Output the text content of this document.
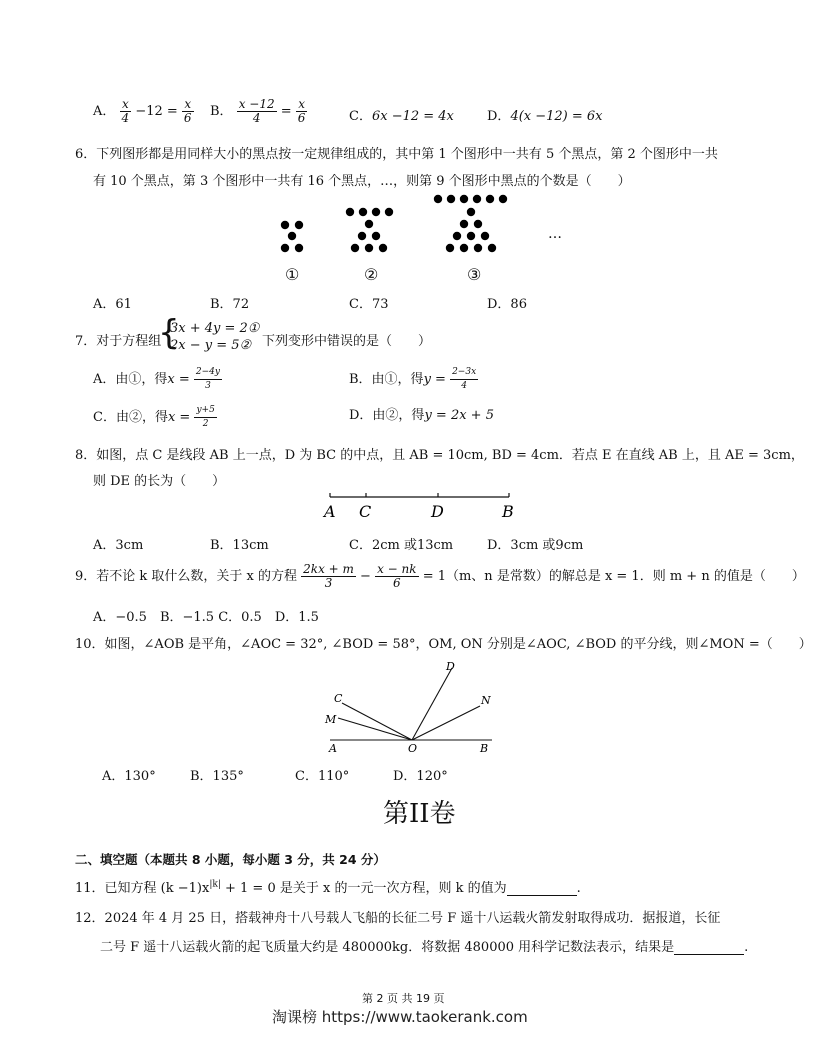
A． $\frac{x}{4} -12 = \frac{x}{6}$ B． $\frac{x -12}{4} = \frac{x}{6}$	C．6x −12 = 4x	D．4(x −12) = 6x
6．下列图形都是用同样大小的黑点按一定规律组成的，其中第 1 个图形中一共有 5 个黑点，第 2 个图形中一共
有 10 个黑点，第 3 个图形中一共有 16 个黑点，…，则第 9 个图形中黑点的个数是（　　）
…
①	②	③
A．61	B．72	C．73	D．86
7．对于方程组
{
3x + 4y = 2①
2x − y = 5② 下列变形中错误的是（　　）
A．由①，得$x = \frac{2-4y}{3}$	B．由①，得$y = \frac{2-3x}{4}$
C．由②，得$x = \frac{y+5}{2}$	D．由②，得y = 2x + 5
8．如图，点 C 是线段 AB 上一点，D 为 BC 的中点，且 AB = 10cm, BD = 4cm．若点 E 在直线 AB 上，且 AE = 3cm，
则 DE 的长为（　　）
A C	D	B
A．3cm	B．13cm	C．2cm 或13cm	D．3cm 或9cm
9．若不论 k 取什么数，关于 x 的方程 $\frac{2kx + m}{3} - \frac{x - nk}{6} = 1(m$、n 是常数）的解总是 x = 1．则 m + n 的值是（　　）
A．−0.5　B．−1.5 C．0.5　D．1.5
10．如图，∠AOB 是平角，∠AOC = 32°, ∠BOD = 58°，OM, ON 分别是∠AOC, ∠BOD 的平分线，则∠MON =（　　）
D
C	N
M
A	O	B
A．130°	B．135°	C．110°	D．120°
第II卷
二、填空题（本题共 8 小题，每小题 3 分，共 24 分）
11．已知方程 $(k -1)x^{|k|} + 1 = 0$ 是关于 x 的一元一次方程，则 k 的值为	.
12．2024 年 4 月 25 日，搭载神舟十八号载人飞船的长征二号 F 遥十八运载火箭发射取得成功．据报道，长征
二号 F 遥十八运载火箭的起飞质量大约是 480000kg．将数据 480000 用科学记数法表示，结果是	.
第 2 页 共 19 页
淘课榜 https://www.taokerank.com
